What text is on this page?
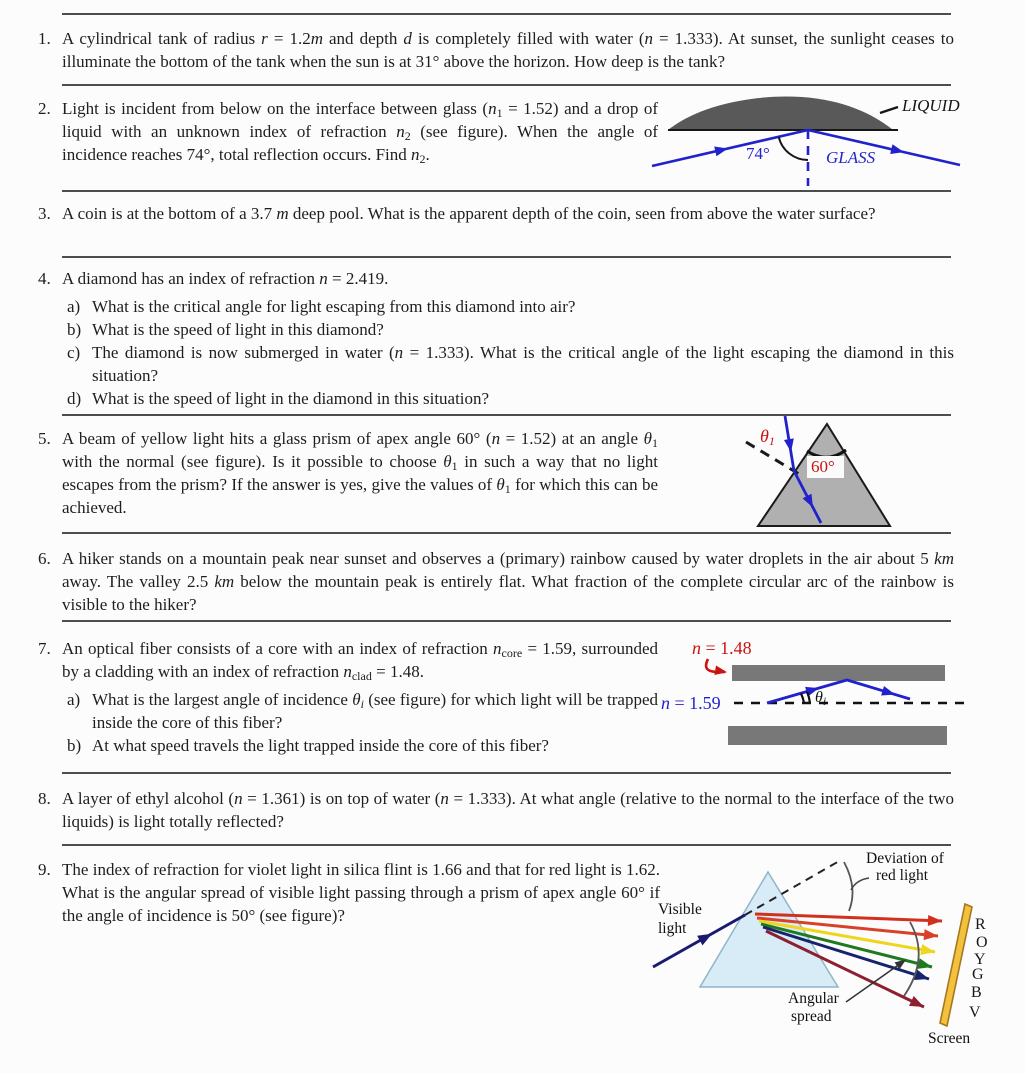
1. A cylindrical tank of radius r = 1.2m and depth d is completely filled with water (n = 1.333). At sunset, the sunlight ceases to illuminate the bottom of the tank when the sun is at 31° above the horizon. How deep is the tank?
2. Light is incident from below on the interface between glass $(n_1 = 1.52)$ and a drop of liquid with an unknown index of refraction $n_2$ (see figure). When the angle of incidence reaches 74°, total reflection occurs. Find $n_2$.
LIQUID
74°	GLASS
3. A coin is at the bottom of a 3.7 m deep pool. What is the apparent depth of the coin, seen from above the water surface?
4. A diamond has an index of refraction n = 2.419.
a) What is the critical angle for light escaping from this diamond into air?
b) What is the speed of light in this diamond?
c) The diamond is now submerged in water (n = 1.333). What is the critical angle of the light escaping the diamond in this situation?
d) What is the speed of light in the diamond in this situation?
5. A beam of yellow light hits a glass prism of apex angle 60° (n = 1.52) at an angle $\theta_1$ with the normal (see figure). Is it possible to choose $\theta_1$ in such a way that no light escapes from the prism? If the answer is yes, give the values of $\theta_1$ for which this can be achieved.
$\theta_1$
60°
6. A hiker stands on a mountain peak near sunset and observes a (primary) rainbow caused by water droplets in the air about 5 km away. The valley 2.5 km below the mountain peak is entirely flat. What fraction of the complete circular arc of the rainbow is visible to the hiker?
7. An optical fiber consists of a core with an index of refraction $n_{core} = 1.59$, surrounded by a cladding with an index of refraction $n_{clad} = 1.48$.
a) What is the largest angle of incidence $\theta_i$ (see figure) for which light will be trapped inside the core of this fiber?
b) At what speed travels the light trapped inside the core of this fiber?
n = 1.48
n = 1.59	$\theta_i$
8. A layer of ethyl alcohol (n = 1.361) is on top of water (n = 1.333). At what angle (relative to the normal to the interface of the two liquids) is light totally reflected?
9. The index of refraction for violet light in silica flint is 1.66 and that for red light is 1.62. What is the angular spread of visible light passing through a prism of apex angle 60° if the angle of incidence is 50° (see figure)?	Visible
light
Deviation of
red light
Angular
spread
Screen
R
O
Y
G
B
V
